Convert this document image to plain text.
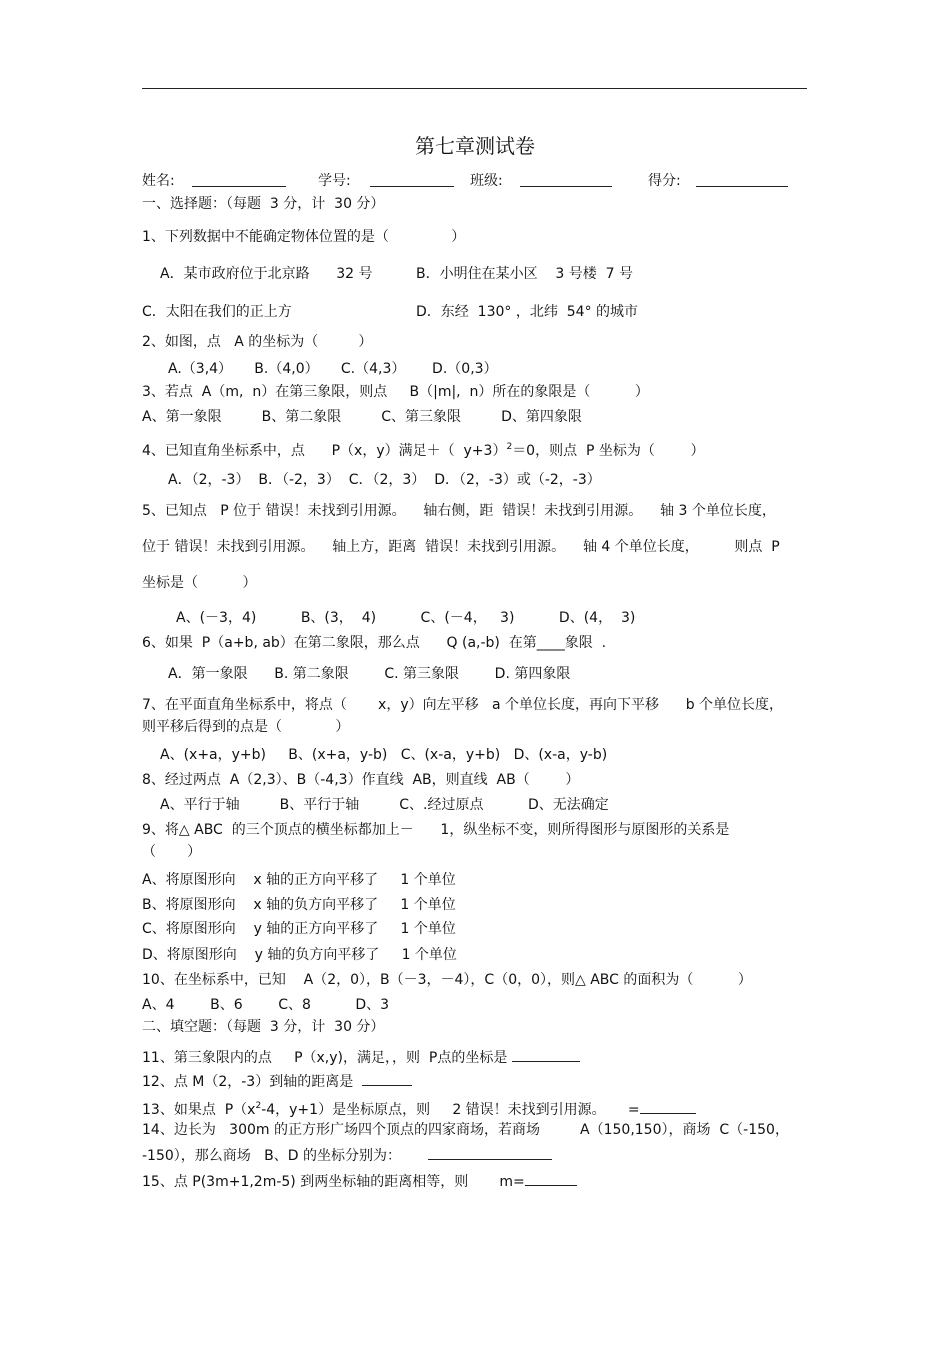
第七章测试卷
姓名:	学号:	班级:	得分:
一、选择题：（每题  3 分，计  30 分）
1、下列数据中不能确定物体位置的是（              ）
A．某市政府位于北京路      32 号	B．小明住在某小区    3 号楼  7 号
C．太阳在我们的正上方	D．东经  130° ，北纬  54° 的城市
2、如图，点   A 的坐标为（         ）
A.（3,4）     B.（4,0）     C.（4,3）      D.（0,3）
3、若点  A（m,  n）在第三象限，则点     B（|m|,  n）所在的象限是（          ）
A、第一象限         B、第二象限         C、第三象限         D、第四象限
4、已知直角坐标系中，点      P（x，y）满足＋（  y+3）$^2$＝0，则点  P 坐标为（        ）
A．（2，-3）  B．（-2，3）  C．（2，3）  D．（2，-3）或（-2，-3）
5、已知点   P 位于 错误！未找到引用源。    轴右侧，距  错误！未找到引用源。    轴 3 个单位长度，
位于 错误！未找到引用源。    轴上方，距离  错误！未找到引用源。    轴 4 个单位长度，        则点  P
坐标是（          ）
A、(－3，4)          B、(3，  4)          C、(－4，   3)          D、(4，  3)
6、如果  P（a+b, ab）在第二象限，那么点      Q (a,-b)  在第____象限  .
A．第一象限      B. 第二象限        C. 第三象限        D. 第四象限
7、在平面直角坐标系中，将点（       x，y）向左平移   a 个单位长度，再向下平移      b 个单位长度，
则平移后得到的点是（            ）
A、(x+a，y+b)     B、(x+a，y-b)   C、(x-a，y+b)   D、(x-a，y-b)
8、经过两点  A（2,3）、B（-4,3）作直线  AB，则直线  AB（        ）
A、平行于轴         B、平行于轴         C、.经过原点          D、无法确定
9、将△ ABC  的三个顶点的横坐标都加上－      1，纵坐标不变，则所得图形与原图形的关系是
（       ）
A、将原图形向    x 轴的正方向平移了     1 个单位
B、将原图形向    x 轴的负方向平移了     1 个单位
C、将原图形向    y 轴的正方向平移了     1 个单位
D、将原图形向    y 轴的负方向平移了     1 个单位
10、在坐标系中，已知    A（2，0），B（－3，－4），C（0，0），则△ ABC 的面积为（          ）
A、4        B、6        C、8          D、3
二、填空题：（每题  3 分，计  30 分）
11、第三象限内的点     P（x,y)，满足，，则  P点的坐标是
12、点 M（2，-3）到轴的距离是
13、如果点  $P(x^2-4$，y+1）是坐标原点，则     2 错误！未找到引用源。     =
14、边长为   300m 的正方形广场四个顶点的四家商场，若商场         A（150,150），商场  C（-150，
-150），那么商场   B、D 的坐标分别为：
15、点 P(3m+1,2m-5) 到两坐标轴的距离相等，则       m=
